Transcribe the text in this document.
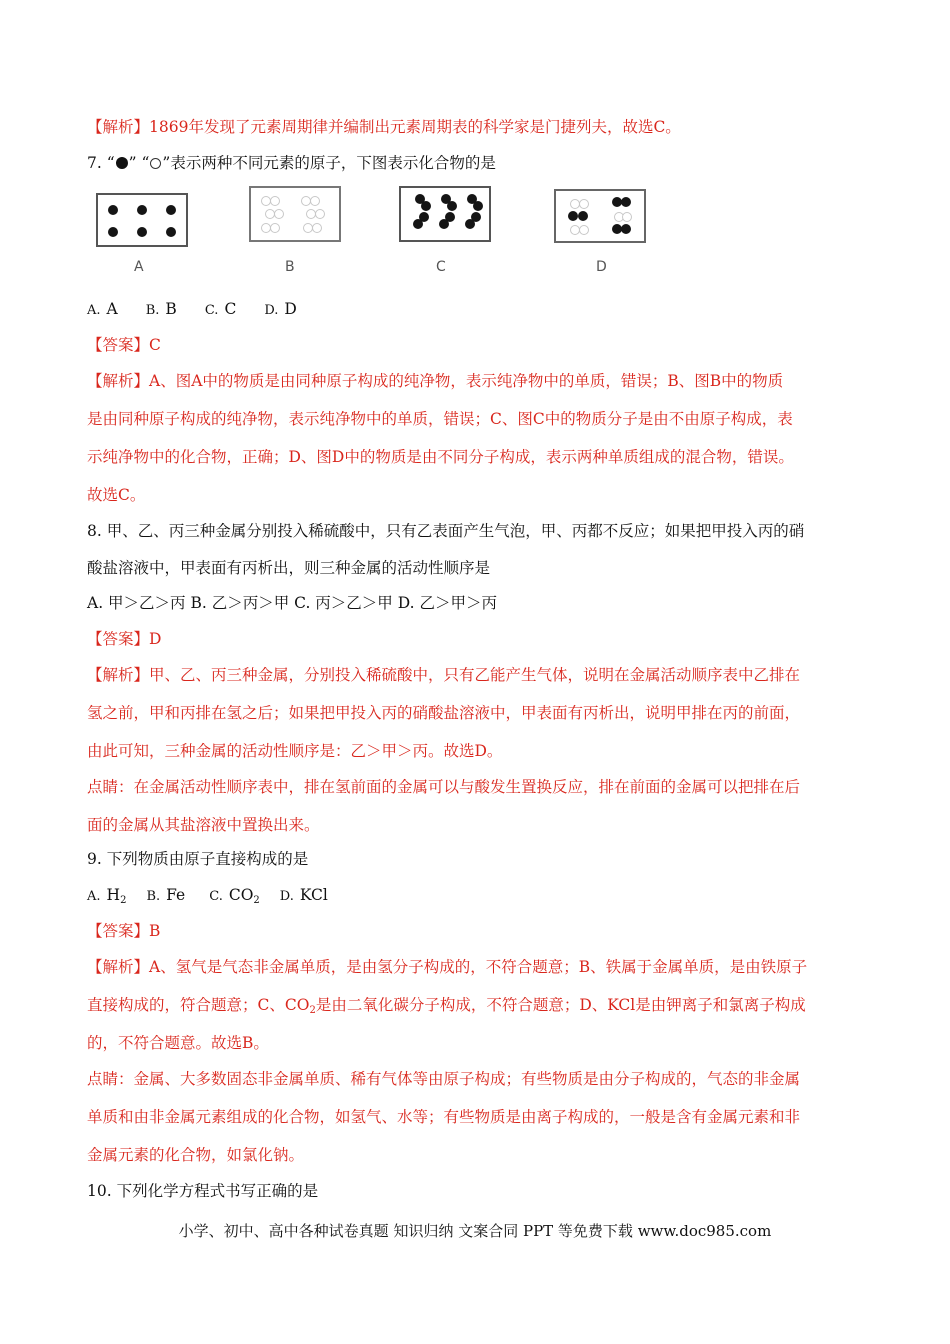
【解析】1869年发现了元素周期律并编制出元素周期表的科学家是门捷列夫，故选C。
7. “ ” “ ”表示两种不同元素的原子，下图表示化合物的是
A	B	C	D
A. A B. B C. C D. D
【答案】C
【解析】A、图A中的物质是由同种原子构成的纯净物，表示纯净物中的单质，错误；B、图B中的物质
是由同种原子构成的纯净物，表示纯净物中的单质，错误；C、图C中的物质分子是由不由原子构成，表
示纯净物中的化合物，正确；D、图D中的物质是由不同分子构成，表示两种单质组成的混合物，错误。
故选C。
8. 甲、乙、丙三种金属分别投入稀硫酸中，只有乙表面产生气泡，甲、丙都不反应；如果把甲投入丙的硝
酸盐溶液中，甲表面有丙析出，则三种金属的活动性顺序是
A. 甲＞乙＞丙 B. 乙＞丙＞甲 C. 丙＞乙＞甲 D. 乙＞甲＞丙
【答案】D
【解析】甲、乙、丙三种金属，分别投入稀硫酸中，只有乙能产生气体，说明在金属活动顺序表中乙排在
氢之前，甲和丙排在氢之后；如果把甲投入丙的硝酸盐溶液中，甲表面有丙析出，说明甲排在丙的前面，
由此可知，三种金属的活动性顺序是：乙＞甲＞丙。故选D。
点睛：在金属活动性顺序表中，排在氢前面的金属可以与酸发生置换反应，排在前面的金属可以把排在后
面的金属从其盐溶液中置换出来。
9. 下列物质由原子直接构成的是
A. $H_2$ B. Fe C. $CO_2$ D. KCl
【答案】B
【解析】A、氢气是气态非金属单质，是由氢分子构成的，不符合题意；B、铁属于金属单质，是由铁原子
直接构成的，符合题意；C、$CO_2$是由二氧化碳分子构成，不符合题意；D、KCl是由钾离子和氯离子构成
的，不符合题意。故选B。
点睛：金属、大多数固态非金属单质、稀有气体等由原子构成；有些物质是由分子构成的，气态的非金属
单质和由非金属元素组成的化合物，如氢气、水等；有些物质是由离子构成的，一般是含有金属元素和非
金属元素的化合物，如氯化钠。
10. 下列化学方程式书写正确的是
小学、初中、高中各种试卷真题 知识归纳 文案合同 PPT 等免费下载 www.doc985.com
